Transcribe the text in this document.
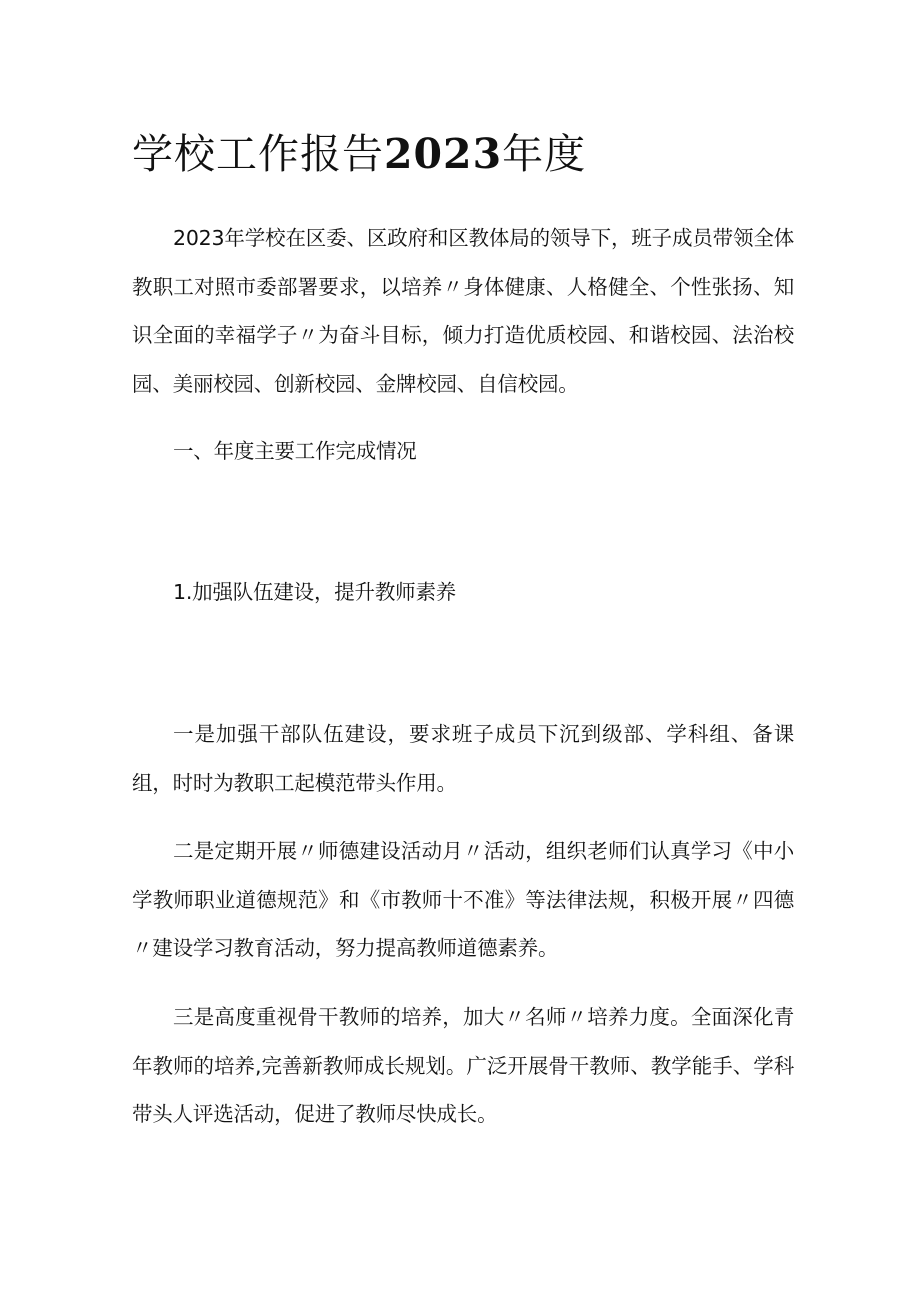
学校工作报告2023年度

2023年学校在区委、区政府和区教体局的领导下，班子成员带领全体教职工对照市委部署要求，以培养〃身体健康、人格健全、个性张扬、知识全面的幸福学子〃为奋斗目标，倾力打造优质校园、和谐校园、法治校园、美丽校园、创新校园、金牌校园、自信校园。

一、年度主要工作完成情况

1.加强队伍建设，提升教师素养

一是加强干部队伍建设，要求班子成员下沉到级部、学科组、备课组，时时为教职工起模范带头作用。

二是定期开展〃师德建设活动月〃活动，组织老师们认真学习《中小学教师职业道德规范》和《市教师十不准》等法律法规，积极开展〃四德〃建设学习教育活动，努力提高教师道德素养。

三是高度重视骨干教师的培养，加大〃名师〃培养力度。全面深化青年教师的培养,完善新教师成长规划。广泛开展骨干教师、教学能手、学科带头人评选活动，促进了教师尽快成长。
